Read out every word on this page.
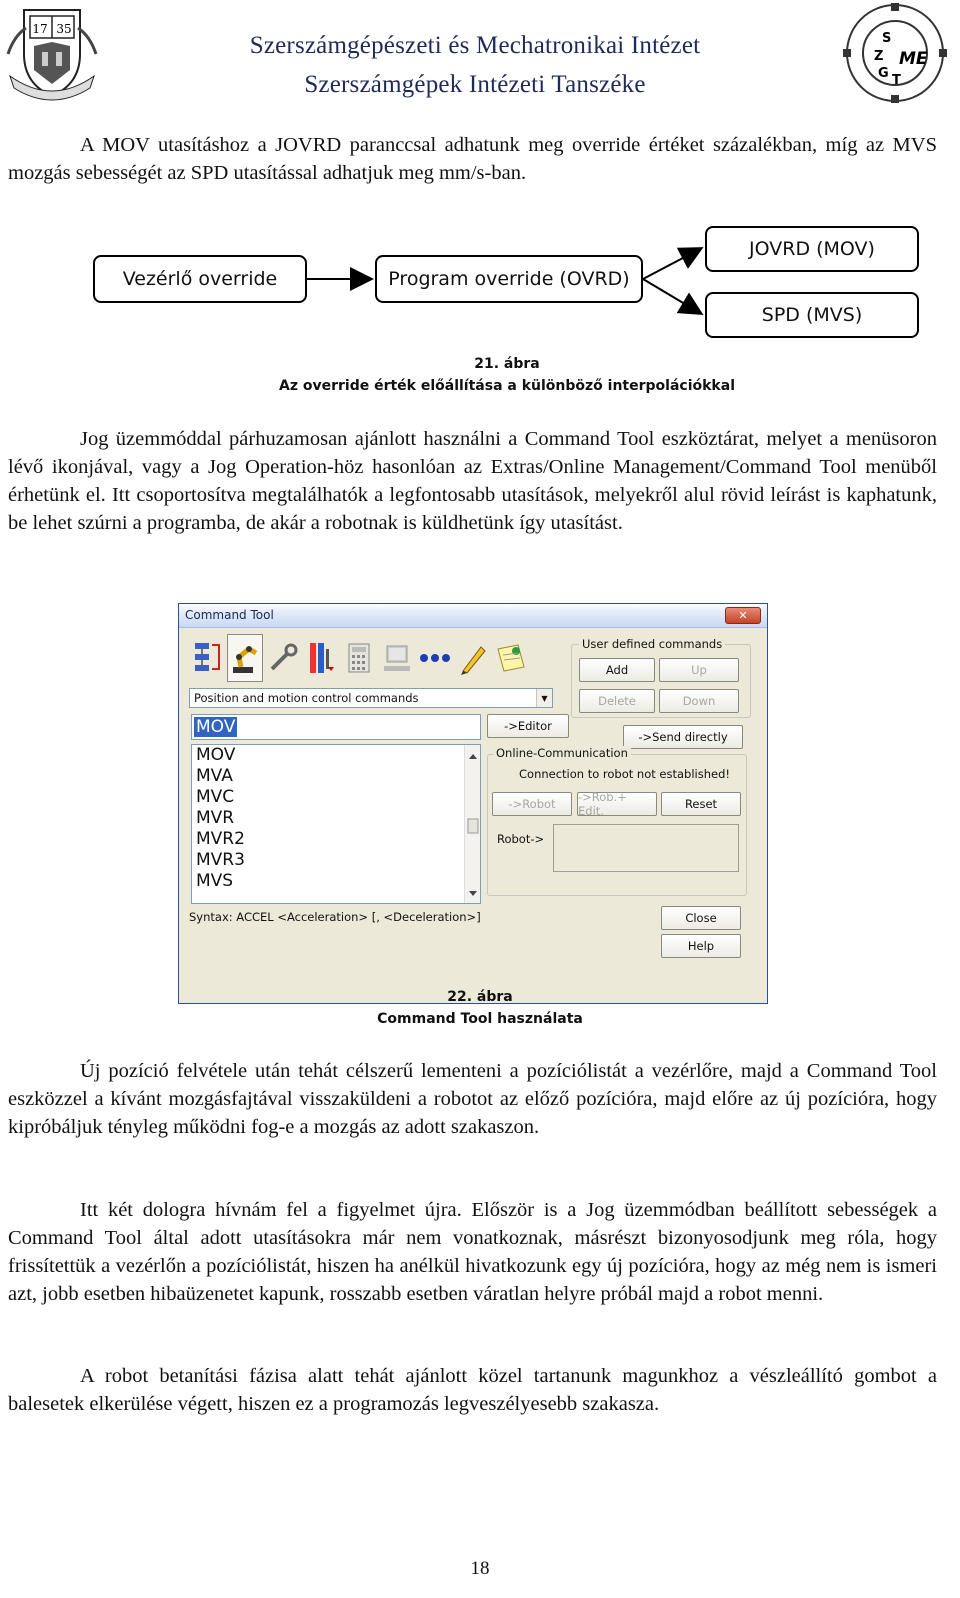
17 35
Szerszámgépészeti és Mechatronikai Intézet
Szerszámgépek Intézeti Tanszéke
S
Z
G T
ME

A MOV utasításhoz a JOVRD paranccsal adhatunk meg override értéket százalékban, míg az MVS mozgás sebességét az SPD utasítással adhatjuk meg mm/s-ban.

Vezérlő override	Program override (OVRD)
JOVRD (MOV)
SPD (MVS)
21. ábra
Az override érték előállítása a különböző interpolációkkal

Jog üzemmóddal párhuzamosan ajánlott használni a Command Tool eszköztárat, melyet a menüsoron lévő ikonjával, vagy a Jog Operation-höz hasonlóan az Extras/Online Management/Command Tool menüből érhetünk el. Itt csoportosítva megtalálhatók a legfontosabb utasítások, melyekről alul rövid leírást is kaphatunk, be lehet szúrni a programba, de akár a robotnak is küldhetünk így utasítást.

Command Tool	✕
Position and motion control commands	▼
MOV
MOV
MVA
MVC
MVR
MVR2
MVR3
MVS
Syntax: ACCEL <Acceleration> [, <Deceleration>]
->Editor
->Send directly
User defined commands
Add	Up
Delete	Down
Online-Communication
Connection to robot not established!
->Robot	->Rob.+ Edit.	Reset
Robot->
Close
Help
22. ábra
Command Tool használata

Új pozíció felvétele után tehát célszerű lementeni a pozíciólistát a vezérlőre, majd a Command Tool eszközzel a kívánt mozgásfajtával visszaküldeni a robotot az előző pozícióra, majd előre az új pozícióra, hogy kipróbáljuk tényleg működni fog-e a mozgás az adott szakaszon.

Itt két dologra hívnám fel a figyelmet újra. Először is a Jog üzemmódban beállított sebességek a Command Tool által adott utasításokra már nem vonatkoznak, másrészt bizonyosodjunk meg róla, hogy frissítettük a vezérlőn a pozíciólistát, hiszen ha anélkül hivatkozunk egy új pozícióra, hogy az még nem is ismeri azt, jobb esetben hibaüzenetet kapunk, rosszabb esetben váratlan helyre próbál majd a robot menni.

A robot betanítási fázisa alatt tehát ajánlott közel tartanunk magunkhoz a vészleállító gombot a balesetek elkerülése végett, hiszen ez a programozás legveszélyesebb szakasza.

18
